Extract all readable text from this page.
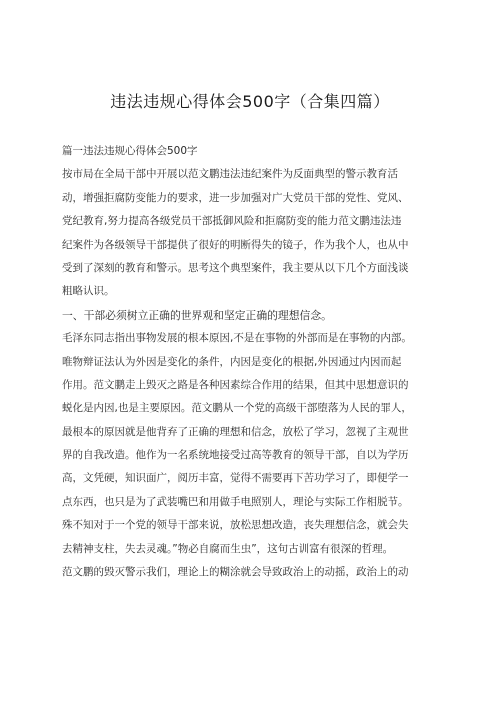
违法违规心得体会500字（合集四篇）

篇一违法违规心得体会500字

按市局在全局干部中开展以范文鹏违法违纪案件为反面典型的警示教育活

动，增强拒腐防变能力的要求，进一步加强对广大党员干部的党性、党风、

党纪教育,努力提高各级党员干部抵御风险和拒腐防变的能力范文鹏违法违

纪案件为各级领导干部提供了很好的明断得失的镜子，作为我个人，也从中

受到了深刻的教育和警示。思考这个典型案件，我主要从以下几个方面浅谈

粗略认识。

一、干部必须树立正确的世界观和坚定正确的理想信念。

毛泽东同志指出事物发展的根本原因,不是在事物的外部而是在事物的内部。

唯物辩证法认为外因是变化的条件，内因是变化的根据,外因通过内因而起

作用。范文鹏走上毁灭之路是各种因素综合作用的结果，但其中思想意识的

蜕化是内因,也是主要原因。范文鹏从一个党的高级干部堕落为人民的罪人，

最根本的原因就是他背弃了正确的理想和信念，放松了学习，忽视了主观世

界的自我改造。他作为一名系统地接受过高等教育的领导干部，自以为学历

高，文凭硬，知识面广，阅历丰富，觉得不需要再下苦功学习了，即便学一

点东西，也只是为了武装嘴巴和用做手电照别人，理论与实际工作相脱节。

殊不知对于一个党的领导干部来说，放松思想改造，丧失理想信念，就会失

去精神支柱，失去灵魂。”物必自腐而生虫”，这句古训富有很深的哲理。

范文鹏的毁灭警示我们，理论上的糊涂就会导致政治上的动摇，政治上的动
